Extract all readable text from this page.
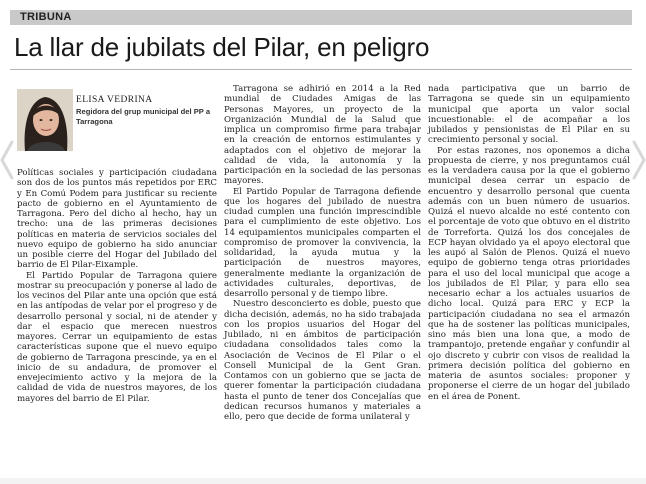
TRIBUNA
La llar de jubilats del Pilar, en peligro
ELISA VEDRINA
Regidora del grup municipal del PP a Tarragona

Políticas sociales y participación ciudadana son dos de los puntos más repetidos por ERC y En Comú Podem para justificar su reciente pacto de gobierno en el Ayuntamiento de Tarragona. Pero del dicho al hecho, hay un trecho: una de las primeras decisiones políticas en materia de servicios sociales del nuevo equipo de gobierno ha sido anunciar un posible cierre del Hogar del Jubilado del barrio de El Pilar-Eixample.

El Partido Popular de Tarragona quiere mostrar su preocupación y ponerse al lado de los vecinos del Pilar ante una opción que está en las antípodas de velar por el progreso y de desarrollo personal y social, ni de atender y dar el espacio que merecen nuestros mayores. Cerrar un equipamiento de estas características supone que el nuevo equipo de gobierno de Tarragona prescinde, ya en el inicio de su andadura, de promover el envejecimiento activo y la mejora de la calidad de vida de nuestros mayores, de los mayores del barrio de El Pilar.

Tarragona se adhirió en 2014 a la Red mundial de Ciudades Amigas de las Personas Mayores, un proyecto de la Organización Mundial de la Salud que implica un compromiso firme para trabajar en la creación de entornos estimulantes y adaptados con el objetivo de mejorar la calidad de vida, la autonomía y la participación en la sociedad de las personas mayores.

El Partido Popular de Tarragona defiende que los hogares del jubilado de nuestra ciudad cumplen una función imprescindible para el cumplimiento de este objetivo. Los 14 equipamientos municipales comparten el compromiso de promover la convivencia, la solidaridad, la ayuda mutua y la participación de nuestros mayores, generalmente mediante la organización de actividades culturales, deportivas, de desarrollo personal y de tiempo libre.

Nuestro desconcierto es doble, puesto que dicha decisión, además, no ha sido trabajada con los propios usuarios del Hogar del Jubilado, ni en ámbitos de participación ciudadana consolidados tales como la Asociación de Vecinos de El Pilar o el Consell Municipal de la Gent Gran. Contamos con un gobierno que se jacta de querer fomentar la participación ciudadana hasta el punto de tener dos Concejalías que dedican recursos humanos y materiales a ello, pero que decide de forma unilateral y

nada participativa que un barrio de Tarragona se quede sin un equipamiento municipal que aporta un valor social incuestionable: el de acompañar a los jubilados y pensionistas de El Pilar en su crecimiento personal y social.

Por estas razones, nos oponemos a dicha propuesta de cierre, y nos preguntamos cuál es la verdadera causa por la que el gobierno municipal desea cerrar un espacio de encuentro y desarrollo personal que cuenta además con un buen número de usuarios. Quizá el nuevo alcalde no esté contento con el porcentaje de voto que obtuvo en el distrito de Torreforta. Quizá los dos concejales de ECP hayan olvidado ya el apoyo electoral que les aupó al Salón de Plenos. Quizá el nuevo equipo de gobierno tenga otras prioridades para el uso del local municipal que acoge a los jubilados de El Pilar, y para ello sea necesario echar a los actuales usuarios de dicho local. Quizá para ERC y ECP la participación ciudadana no sea el armazón que ha de sostener las políticas municipales, sino más bien una lona que, a modo de trampantojo, pretende engañar y confundir al ojo discreto y cubrir con visos de realidad la primera decisión política del gobierno en materia de asuntos sociales: proponer y proponerse el cierre de un hogar del jubilado en el área de Ponent.
